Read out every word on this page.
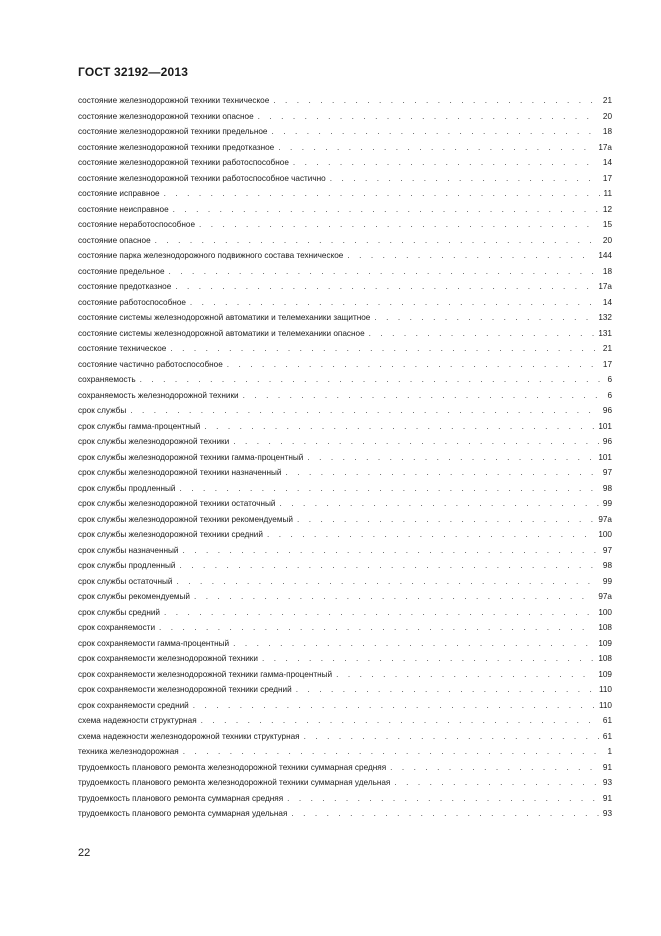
ГОСТ 32192—2013
состояние железнодорожной техники техническое . . .	21
состояние железнодорожной техники опасное . . .	20
состояние железнодорожной техники предельное . . .	18
состояние железнодорожной техники предотказное . . .	17a
состояние железнодорожной техники работоспособное . . .	14
состояние железнодорожной техники работоспособное частично . . .	17
состояние исправное . . .	11
состояние неисправное . . .	12
состояние неработоспособное . . .	15
состояние опасное . . .	20
состояние парка железнодорожного подвижного состава техническое . . .	144
состояние предельное . . .	18
состояние предотказное . . .	17a
состояние работоспособное . . .	14
состояние системы железнодорожной автоматики и телемеханики защитное . . .	132
состояние системы железнодорожной автоматики и телемеханики опасное . . .	131
состояние техническое . . .	21
состояние частично работоспособное . . .	17
сохраняемость . . .	6
сохраняемость железнодорожной техники . . .	6
срок службы . . .	96
срок службы гамма-процентный . . .	101
срок службы железнодорожной техники . . .	96
срок службы железнодорожной техники гамма-процентный . . .	101
срок службы железнодорожной техники назначенный . . .	97
срок службы продленный . . .	98
срок службы железнодорожной техники остаточный . . .	99
срок службы железнодорожной техники рекомендуемый . . .	97a
срок службы железнодорожной техники средний . . .	100
срок службы назначенный . . .	97
срок службы продленный . . .	98
срок службы остаточный . . .	99
срок службы рекомендуемый . . .	97a
срок службы средний . . .	100
срок сохраняемости . . .	108
срок сохраняемости гамма-процентный . . .	109
срок сохраняемости железнодорожной техники . . .	108
срок сохраняемости железнодорожной техники гамма-процентный . . .	109
срок сохраняемости железнодорожной техники средний . . .	110
срок сохраняемости средний . . .	110
схема надежности структурная . . .	61
схема надежности железнодорожной техники структурная . . .	61
техника железнодорожная . . .	1
трудоемкость планового ремонта железнодорожной техники суммарная средняя . . .	91
трудоемкость планового ремонта железнодорожной техники суммарная удельная . . .	93
трудоемкость планового ремонта суммарная средняя . . .	91
трудоемкость планового ремонта суммарная удельная . . .	93
22
